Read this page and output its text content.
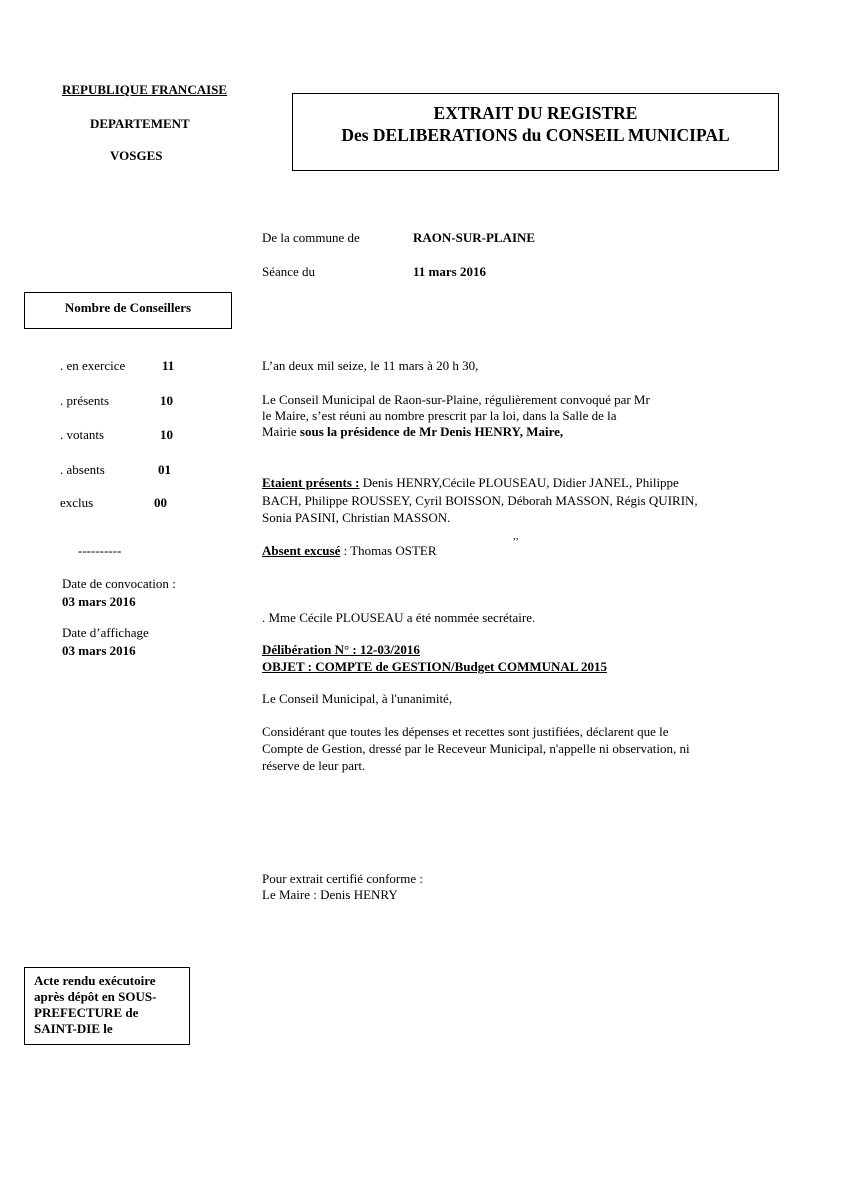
REPUBLIQUE FRANCAISE
DEPARTEMENT
VOSGES
EXTRAIT DU REGISTRE
Des DELIBERATIONS du CONSEIL MUNICIPAL
De la commune de	RAON-SUR-PLAINE
Séance du	11 mars 2016
Nombre de Conseillers
. en exercice	11
. présents	10
. votants	10
. absents	01
exclus	00
----------
Date de convocation :
03 mars 2016
Date d’affichage
03 mars 2016
L’an deux mil seize, le 11 mars à 20 h 30,
Le Conseil Municipal de Raon-sur-Plaine, régulièrement convoqué par Mr
le Maire, s’est réuni au nombre prescrit par la loi, dans la Salle de la
Mairie sous la présidence de Mr Denis HENRY, Maire,
Etaient présents : Denis HENRY,Cécile PLOUSEAU, Didier JANEL, Philippe
BACH, Philippe ROUSSEY, Cyril BOISSON, Déborah MASSON, Régis QUIRIN,
Sonia PASINI, Christian MASSON.
,,
Absent excusé : Thomas OSTER
. Mme Cécile PLOUSEAU a été nommée secrétaire.
Délibération N° : 12-03/2016
OBJET : COMPTE de GESTION/Budget COMMUNAL 2015
Le Conseil Municipal, à l'unanimité,
Considérant que toutes les dépenses et recettes sont justifiées, déclarent que le
Compte de Gestion, dressé par le Receveur Municipal, n'appelle ni observation, ni
réserve de leur part.
Pour extrait certifié conforme :
Le Maire : Denis HENRY
Acte rendu exécutoire
après dépôt en SOUS-
PREFECTURE de
SAINT-DIE le
